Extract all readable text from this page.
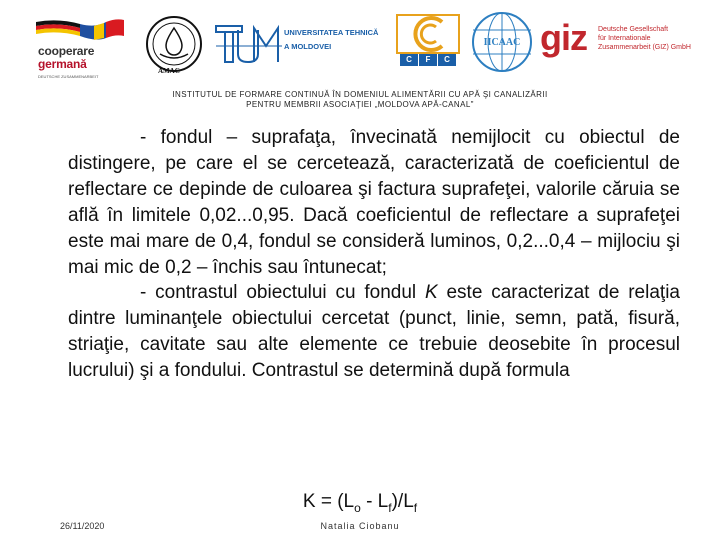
cooperare
germană
DEUTSCHE ZUSAMMENARBEIT
AMAC
UNIVERSITATEA TEHNICĂ
A MOLDOVEI
C	F	C
IICAAC giz Deutsche Gesellschaft
für Internationale
Zusammenarbeit (GIZ) GmbH
INSTITUTUL DE FORMARE CONTINUĂ ÎN DOMENIUL ALIMENTĂRII CU APĂ ŞI CANALIZĂRII
PENTRU MEMBRII ASOCIAŢIEI „MOLDOVA APĂ-CANAL"

- fondul – suprafaţa, învecinată nemijlocit cu obiectul de distingere, pe care el se cercetează, caracterizată de coeficientul de reflectare ce depinde de culoarea şi factura suprafeţei, valorile căruia se află în limitele 0,02...0,95. Dacă coeficientul de reflectare a suprafeţei este mai mare de 0,4, fondul se consideră luminos, 0,2...0,4 – mijlociu şi mai mic de 0,2 – închis sau întunecat;

- contrastul obiectului cu fondul K este caracterizat de relaţia dintre luminanţele obiectului cercetat (punct, linie, semn, pată, fisură, striaţie, cavitate sau alte elemente ce trebuie deosebite în procesul lucrului) şi a fondului. Contrastul se determină după formula

$K = (L_o - L_f)/L_f$
26/11/2020	Natalia Ciobanu
